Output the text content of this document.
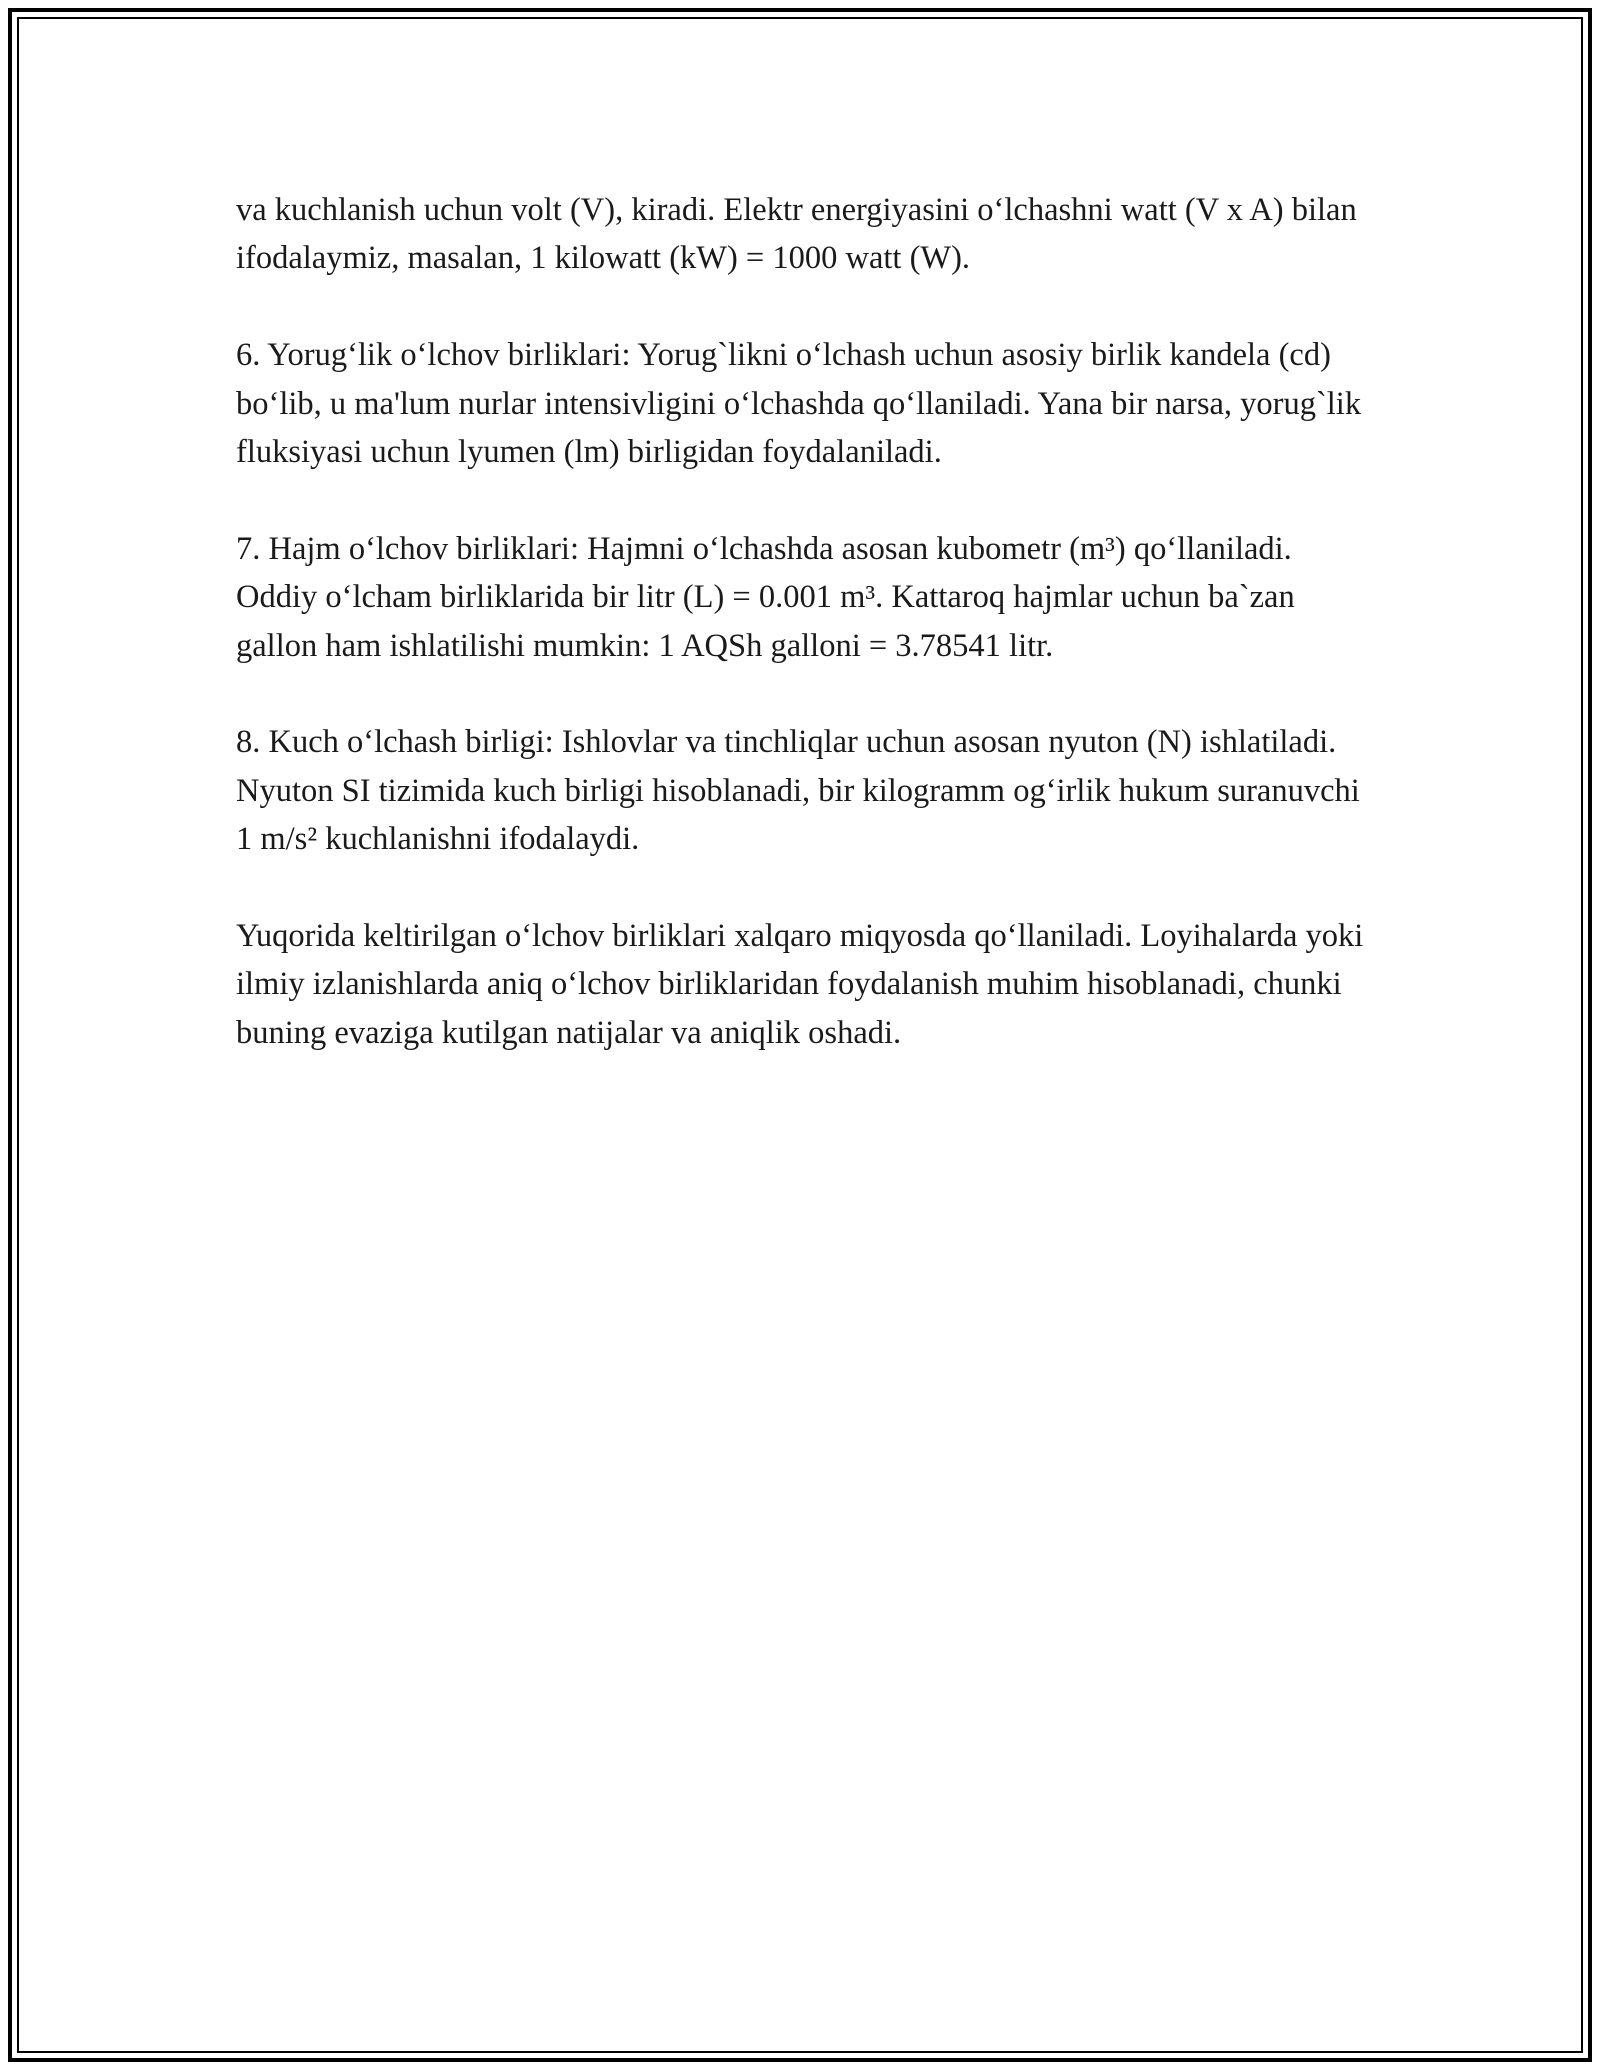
va kuchlanish uchun volt (V), kiradi. Elektr energiyasini o‘lchashni watt (V x A) bilan ifodalaymiz, masalan, 1 kilowatt (kW) = 1000 watt (W).

6. Yorug‘lik o‘lchov birliklari: Yorug`likni o‘lchash uchun asosiy birlik kandela (cd) bo‘lib, u ma'lum nurlar intensivligini o‘lchashda qo‘llaniladi. Yana bir narsa, yorug`lik fluksiyasi uchun lyumen (lm) birligidan foydalaniladi.

7. Hajm o‘lchov birliklari: Hajmni o‘lchashda asosan kubometr (m³) qo‘llaniladi. Oddiy o‘lcham birliklarida bir litr (L) = 0.001 m³. Kattaroq hajmlar uchun ba`zan gallon ham ishlatilishi mumkin: 1 AQSh galloni = 3.78541 litr.

8. Kuch o‘lchash birligi: Ishlovlar va tinchliqlar uchun asosan nyuton (N) ishlatiladi. Nyuton SI tizimida kuch birligi hisoblanadi, bir kilogramm og‘irlik hukum suranuvchi 1 m/s² kuchlanishni ifodalaydi.

Yuqorida keltirilgan o‘lchov birliklari xalqaro miqyosda qo‘llaniladi. Loyihalarda yoki ilmiy izlanishlarda aniq o‘lchov birliklaridan foydalanish muhim hisoblanadi, chunki buning evaziga kutilgan natijalar va aniqlik oshadi.
